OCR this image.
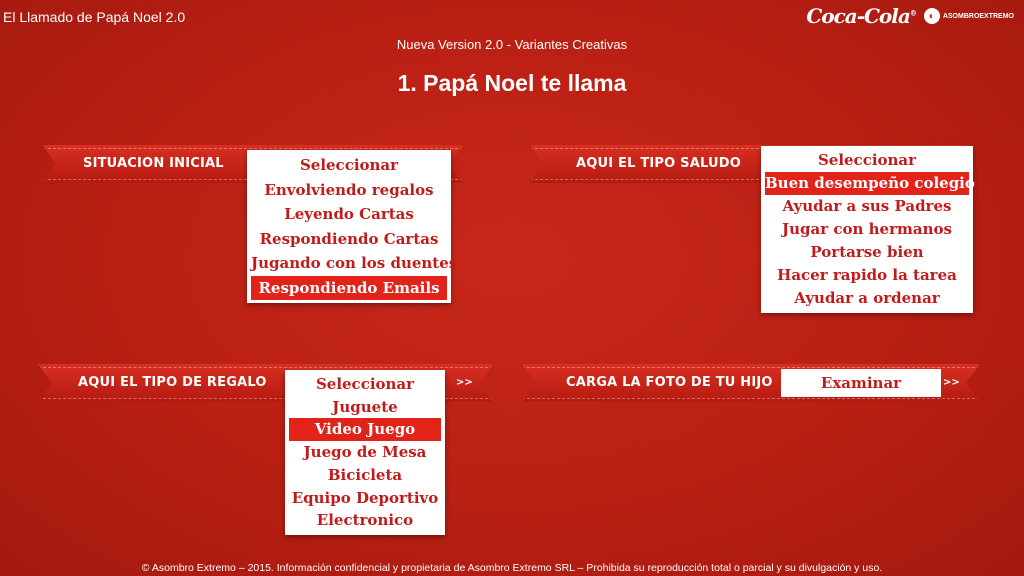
El Llamado de Papá Noel 2.0	Coca-Cola®	◐	ASOMBROEXTREMO
Nueva Version 2.0 - Variantes Creativas
1. Papá Noel te llama
SITUACION INICIAL	Seleccionar
Envolviendo regalos
Leyendo Cartas
Respondiendo Cartas
Jugando con los duentes
Respondiendo Emails
AQUI EL TIPO SALUDO	Seleccionar
Buen desempeño colegio
Ayudar a sus Padres
Jugar con hermanos
Portarse bien
Hacer rapido la tarea
Ayudar a ordenar
AQUI EL TIPO DE REGALO	>>
Seleccionar
Juguete
Video Juego
Juego de Mesa
Bicicleta
Equipo Deportivo
Electronico
CARGA LA FOTO DE TU HIJO	>>
Examinar
© Asombro Extremo – 2015. Información confidencial y propietaria de Asombro Extremo SRL – Prohibida su reproducción total o parcial y su divulgación y uso.
